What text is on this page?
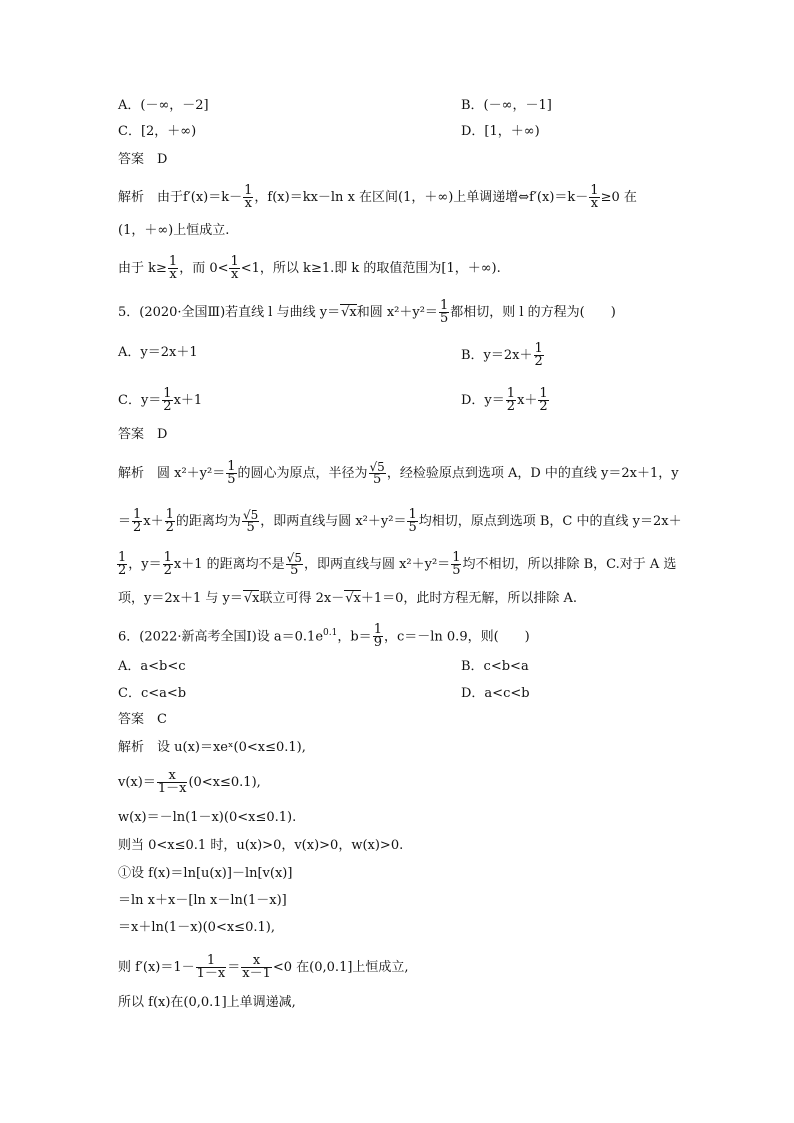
A．(－∞，－2]	B．(－∞，－1]
C．[2，＋∞)	D．[1，＋∞)
答案　D
解析　由于$f'(x)=k- \frac{1}{x}$ ，f(x)＝kx－ln x 在区间(1，＋∞)上单调递增⇔f′(x)＝k－ $\frac{1}{x} \ge 0$ 在
(1，＋∞)上恒成立.
由于 $k\ge \frac{1}{x}$ ，而 $0< \frac{1}{x} <1$，所以 k≥1.即 k 的取值范围为[1，＋∞).
5．(2020·全国Ⅲ)若直线 l 与曲线 y＝√x和圆 $x^2+y^2= \frac{1}{5}$ 都相切，则 l 的方程为(　　)
A．y＝2x＋1	B．$y=2x+ \frac{1}{2}$
C．$y= \frac{1}{2} x+1$	D．$y= \frac{1}{2} x+ \frac{1}{2}$
答案　D
解析　圆 $x^2+y^2= \frac{1}{5}$ 的圆心为原点，半径为 $\frac{√5}{5}$ ，经检验原点到选项 A，D 中的直线 y＝2x＋1，y
＝ $\frac{1}{2} x+ \frac{1}{2}$ 的距离均为 $\frac{√5}{5}$ ，即两直线与圆 $x^2+y^2= \frac{1}{5}$ 均相切，原点到选项 B，C 中的直线 y＝2x＋
$\frac{1}{2}$ ，$y= \frac{1}{2} x+1$ 的距离均不是 $\frac{√5}{5}$ ，即两直线与圆 $x^2+y^2= \frac{1}{5}$ 均不相切，所以排除 B，C.对于 A 选
项，y＝2x＋1 与 y＝√x联立可得 2x－√x＋1＝0，此时方程无解，所以排除 A.
6．(2022·新高考全国Ⅰ)设 $a=0.1e^{0.1}$，$b= \frac{1}{9}$ ，c＝－ln 0.9，则(　　)
A．a<b<c	B．c<b<a
C．c<a<b	D．a<c<b
答案　C
解析　设 u(x)＝xeˣ(0<x≤0.1),
$v(x)= \frac{x}{1-x} (0<x\le 0.1)$,
w(x)＝－ln(1－x)(0<x≤0.1).
则当 0<x≤0.1 时，u(x)>0，v(x)>0，w(x)>0.
①设 f(x)＝ln[u(x)]－ln[v(x)]
＝ln x＋x－[ln x－ln(1－x)]
＝x＋ln(1－x)(0<x≤0.1),
则 $f'(x)=1- \frac{1}{1-x} = \frac{x}{x-1} <0$ 在(0,0.1]上恒成立,
所以 f(x)在(0,0.1]上单调递减,
